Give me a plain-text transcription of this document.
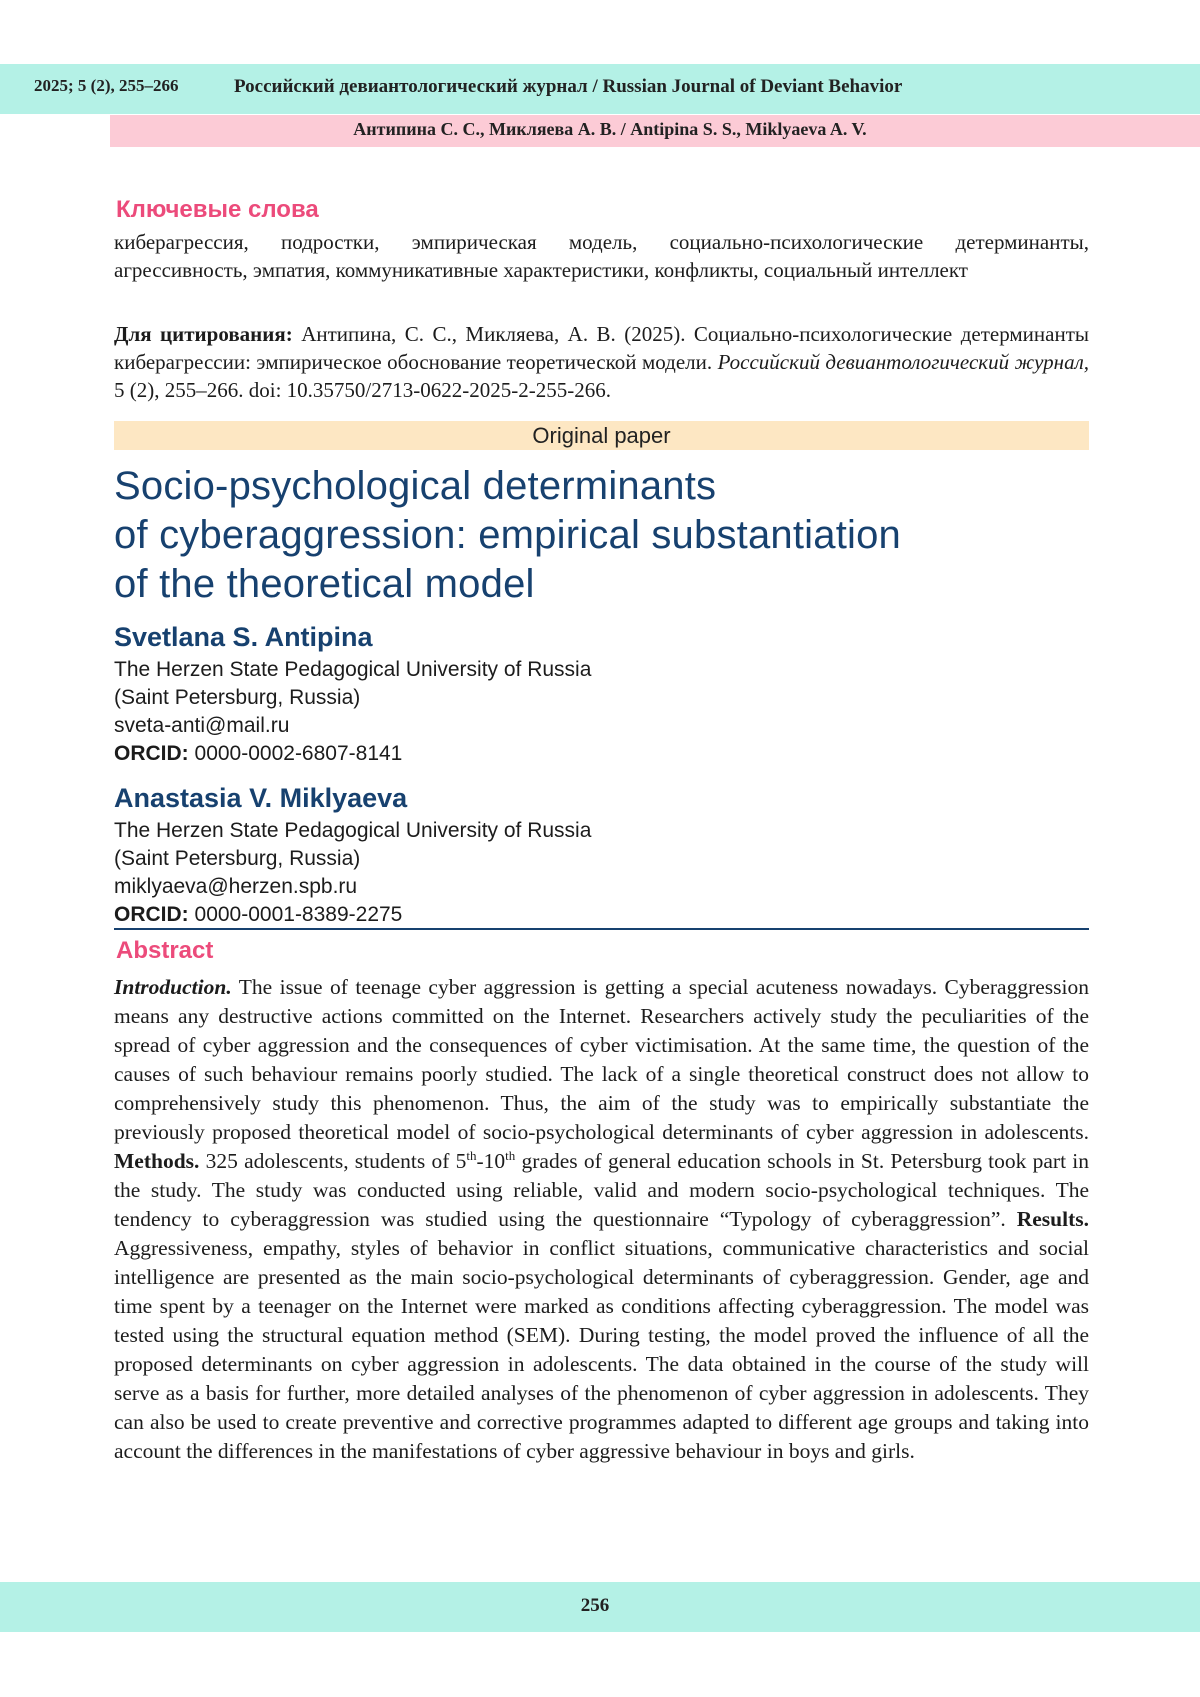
2025; 5 (2), 255–266	Российский девиантологический журнал / Russian Journal of Deviant Behavior
Антипина С. С., Микляева А. В. / Antipina S. S., Miklyaeva A. V.
Ключевые слова
киберагрессия, подростки, эмпирическая модель, социально-психологические детерминанты, агрессивность, эмпатия, коммуникативные характеристики, конфликты, социальный интеллект
Для цитирования: Антипина, С. С., Микляева, А. В. (2025). Социально-психологические детерминанты киберагрессии: эмпирическое обоснование теоретической модели. Российский девиантологический журнал, 5 (2), 255–266. doi: 10.35750/2713-0622-2025-2-255-266.
Original paper
Socio-psychological determinants
of cyberaggression: empirical substantiation
of the theoretical model
Svetlana S. Antipina
The Herzen State Pedagogical University of Russia
(Saint Petersburg, Russia)
sveta-anti@mail.ru
ORCID: 0000-0002-6807-8141
Anastasia V. Miklyaeva
The Herzen State Pedagogical University of Russia
(Saint Petersburg, Russia)
miklyaeva@herzen.spb.ru
ORCID: 0000-0001-8389-2275
Abstract
Introduction. The issue of teenage cyber aggression is getting a special acuteness nowadays. Cyberaggression means any destructive actions committed on the Internet. Researchers actively study the peculiarities of the spread of cyber aggression and the consequences of cyber victimisation. At the same time, the question of the causes of such behaviour remains poorly studied. The lack of a single theoretical construct does not allow to comprehensively study this phenomenon. Thus, the aim of the study was to empirically substantiate the previously proposed theoretical model of socio-psychological determinants of cyber aggression in adolescents. Methods. 325 adolescents, students of 5th-10th grades of general education schools in St. Petersburg took part in the study. The study was conducted using reliable, valid and modern socio-psychological techniques. The tendency to cyberaggression was studied using the questionnaire “Typology of cyberaggression”. Results. Aggressiveness, empathy, styles of behavior in conflict situations, communicative characteristics and social intelligence are presented as the main socio-psychological determinants of cyberaggression. Gender, age and time spent by a teenager on the Internet were marked as conditions affecting cyberaggression. The model was tested using the structural equation method (SEM). During testing, the model proved the influence of all the proposed determinants on cyber aggression in adolescents. The data obtained in the course of the study will serve as a basis for further, more detailed analyses of the phenomenon of cyber aggression in adolescents. They can also be used to create preventive and corrective programmes adapted to different age groups and taking into account the differences in the manifestations of cyber aggressive behaviour in boys and girls.
256
